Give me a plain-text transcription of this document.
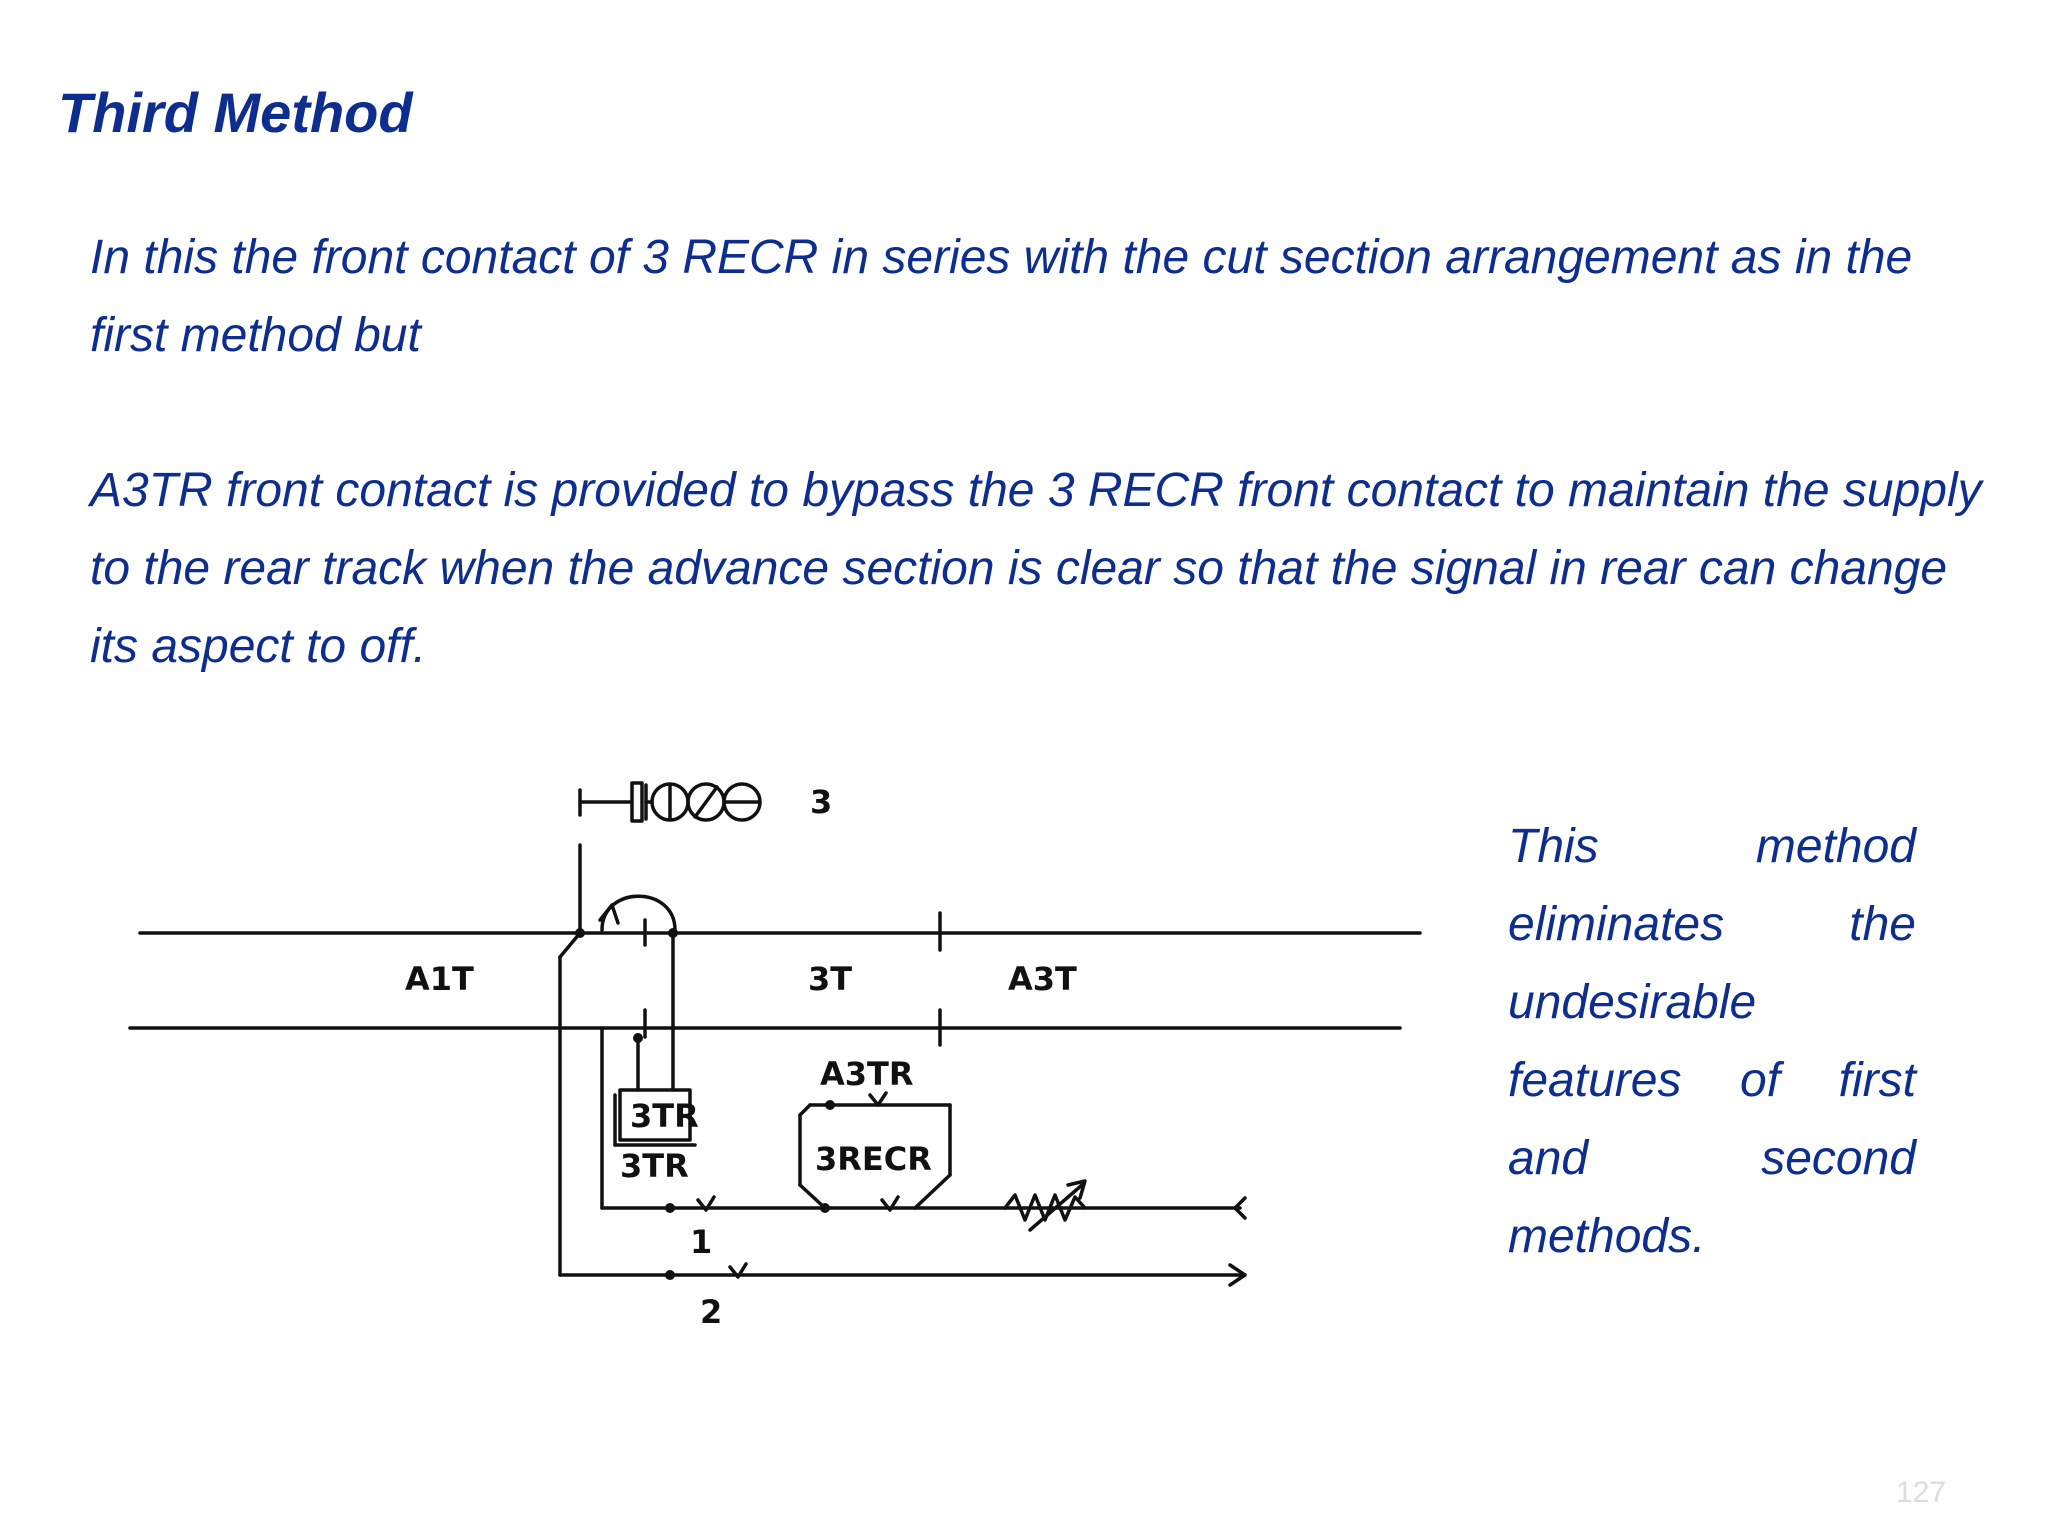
Third Method

In this the front contact of 3 RECR in series with the cut section arrangement as in the first method but

A3TR front contact is provided to bypass the 3 RECR front contact to maintain the supply to the rear track when the advance section is clear so that the signal in rear can change its aspect to off.

3
A1T	3T	A3T
3TR
3TR
1
A3TR
3RECR
2

This method eliminates the undesirable features of first and second methods.

127
